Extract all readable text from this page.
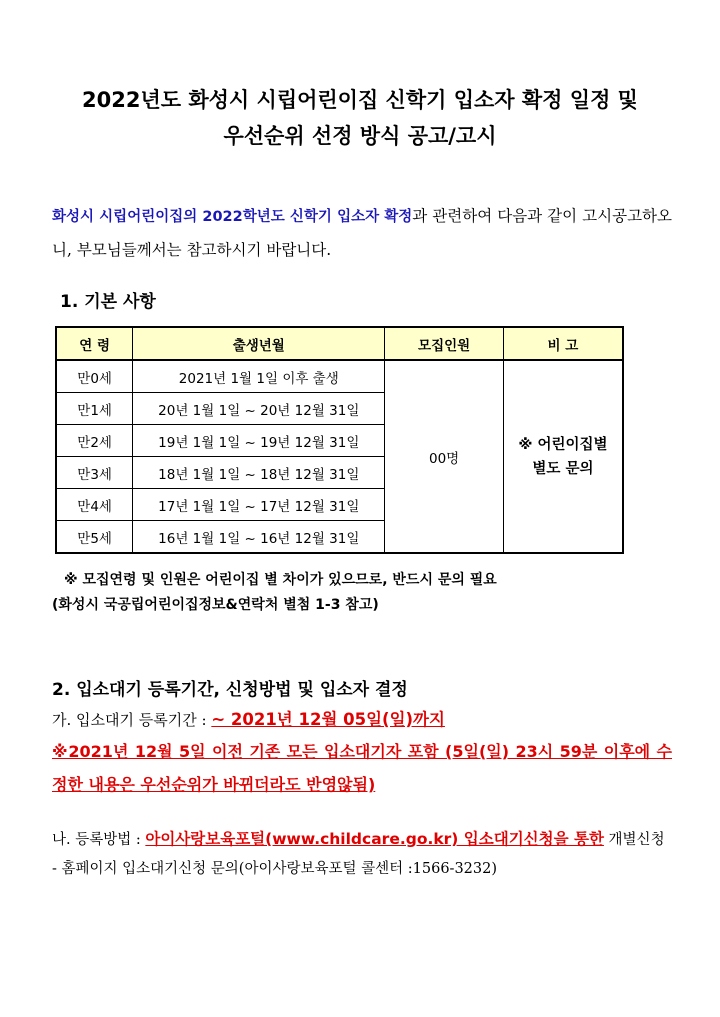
2022년도 화성시 시립어린이집 신학기 입소자 확정 일정 및
우선순위 선정 방식 공고/고시
화성시 시립어린이집의 2022학년도 신학기 입소자 확정과 관련하여 다음과 같이 고시공고하오니, 부모님들께서는 참고하시기 바랍니다.
1. 기본 사항
연 령	출생년월	모집인원	비 고
만0세	2021년 1월 1일 이후 출생	00명	※ 어린이집별
별도 문의

만1세	20년 1월 1일 ~ 20년 12월 31일		
만2세	19년 1월 1일 ~ 19년 12월 31일		
만3세	18년 1월 1일 ~ 18년 12월 31일		
만4세	17년 1월 1일 ~ 17년 12월 31일		
만5세	16년 1월 1일 ~ 16년 12월 31일		
※ 모집연령 및 인원은 어린이집 별 차이가 있으므로, 반드시 문의 필요
(화성시 국공립어린이집정보&연락처 별첨 1-3 참고)
2. 입소대기 등록기간, 신청방법 및 입소자 결정
가. 입소대기 등록기간 : ~ 2021년 12월 05일(일)까지
※2021년 12월 5일 이전 기존 모든 입소대기자 포함 (5일(일) 23시 59분 이후에 수정한 내용은 우선순위가 바뀌더라도 반영않됨)
나. 등록방법 : 아이사랑보육포털(www.childcare.go.kr) 입소대기신청을 통한 개별신청
- 홈페이지 입소대기신청 문의(아이사랑보육포털 콜센터 :1566-3232)
